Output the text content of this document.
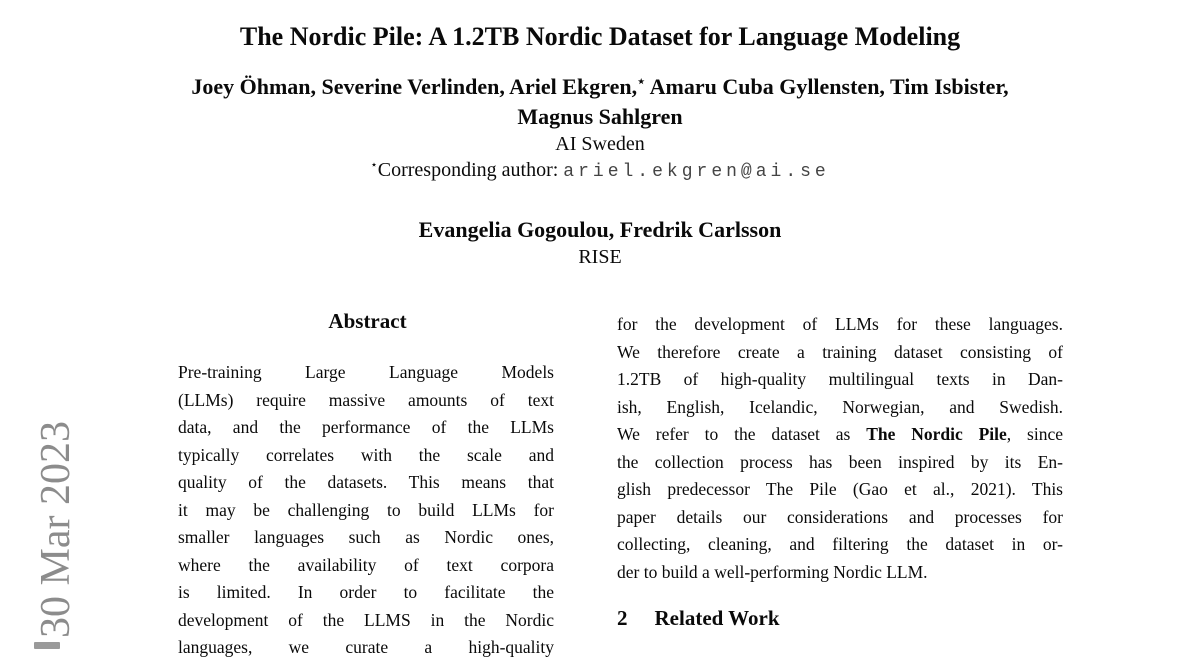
30 Mar 2023
The Nordic Pile: A 1.2TB Nordic Dataset for Language Modeling
Joey Öhman, Severine Verlinden, Ariel Ekgren,⋆ Amaru Cuba Gyllensten, Tim Isbister,
Magnus Sahlgren
AI Sweden
⋆Corresponding author: ariel.ekgren@ai.se
Evangelia Gogoulou, Fredrik Carlsson
RISE
Abstract
Pre-training Large Language Models
(LLMs) require massive amounts of text
data, and the performance of the LLMs
typically correlates with the scale and
quality of the datasets. This means that
it may be challenging to build LLMs for
smaller languages such as Nordic ones,
where the availability of text corpora
is limited. In order to facilitate the
development of the LLMS in the Nordic
languages, we curate a high-quality
for the development of LLMs for these languages.
We therefore create a training dataset consisting of
1.2TB of high-quality multilingual texts in Dan-
ish, English, Icelandic, Norwegian, and Swedish.
We refer to the dataset as The Nordic Pile, since
the collection process has been inspired by its En-
glish predecessor The Pile (Gao et al., 2021). This
paper details our considerations and processes for
collecting, cleaning, and filtering the dataset in or-
der to build a well-performing Nordic LLM.
2 Related Work
